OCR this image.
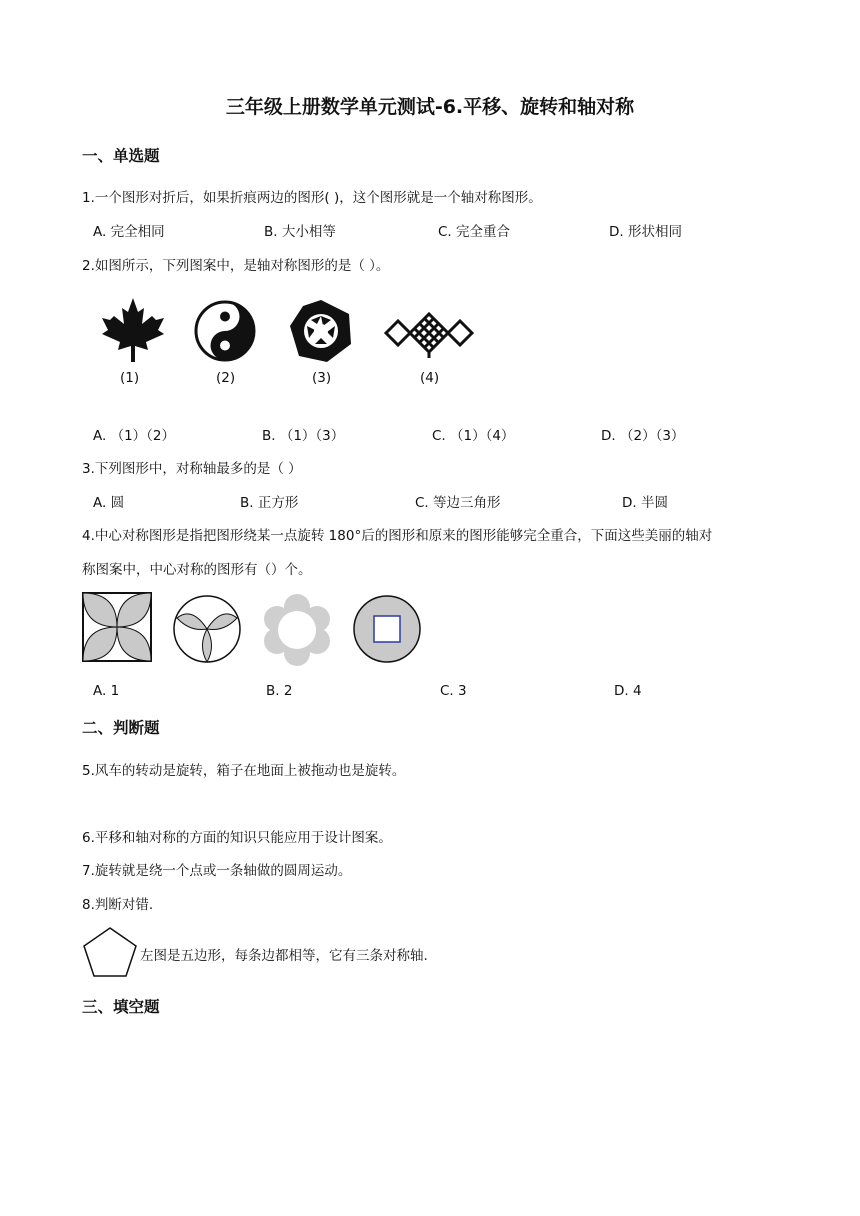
三年级上册数学单元测试-6.平移、旋转和轴对称
一、单选题
1.一个图形对折后，如果折痕两边的图形( )，这个图形就是一个轴对称图形。
A. 完全相同	B. 大小相等	C. 完全重合	D. 形状相同
2.如图所示，下列图案中，是轴对称图形的是（ ）。
(1)	(2)	(3)	(4)
A. （1）（2）	B. （1）（3）	C. （1）（4）	D. （2）（3）
3.下列图形中，对称轴最多的是（ ）
A. 圆	B. 正方形	C. 等边三角形	D. 半圆
4.中心对称图形是指把图形绕某一点旋转 180°后的图形和原来的图形能够完全重合，下面这些美丽的轴对
称图案中，中心对称的图形有（）个。
A. 1	B. 2	C. 3	D. 4
二、判断题
5.风车的转动是旋转，箱子在地面上被拖动也是旋转。
6.平移和轴对称的方面的知识只能应用于设计图案。
7.旋转就是绕一个点或一条轴做的圆周运动。
8.判断对错.
左图是五边形，每条边都相等，它有三条对称轴.
三、填空题
